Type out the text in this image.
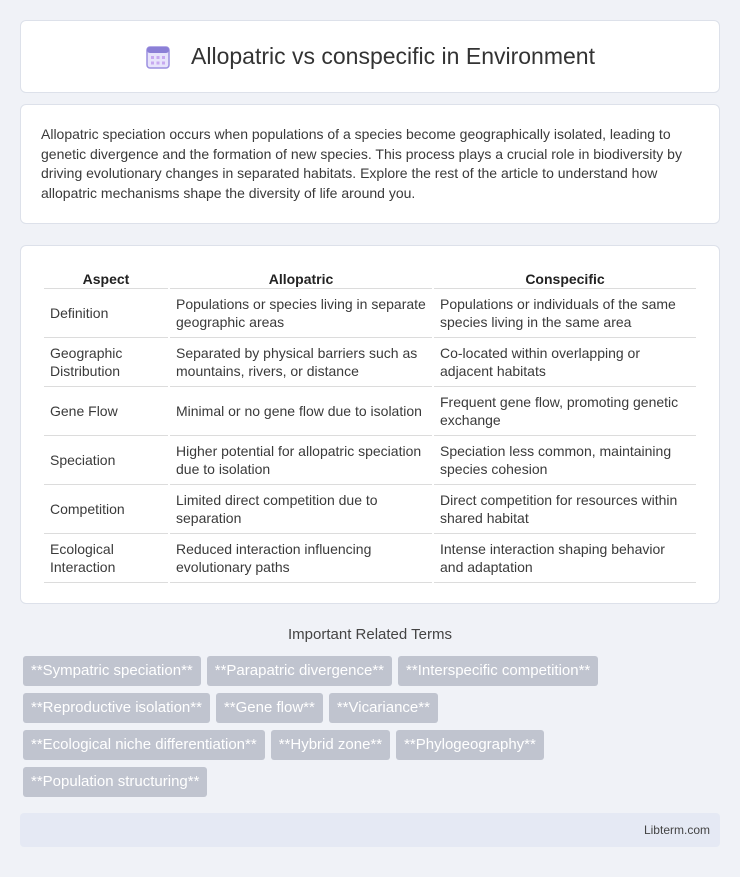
Allopatric vs conspecific in Environment

Allopatric speciation occurs when populations of a species become geographically isolated, leading to genetic divergence and the formation of new species. This process plays a crucial role in biodiversity by driving evolutionary changes in separated habitats. Explore the rest of the article to understand how allopatric mechanisms shape the diversity of life around you.

Aspect	Allopatric	Conspecific
Definition	Populations or species living in separate geographic areas	Populations or individuals of the same species living in the same area
Geographic Distribution	Separated by physical barriers such as mountains, rivers, or distance	Co-located within overlapping or adjacent habitats
Gene Flow	Minimal or no gene flow due to isolation	Frequent gene flow, promoting genetic exchange
Speciation	Higher potential for allopatric speciation due to isolation	Speciation less common, maintaining species cohesion
Competition	Limited direct competition due to separation	Direct competition for resources within shared habitat
Ecological Interaction	Reduced interaction influencing evolutionary paths	Intense interaction shaping behavior and adaptation
Important Related Terms
**Sympatric speciation**	**Parapatric divergence**	**Interspecific competition**
**Reproductive isolation**	**Gene flow**	**Vicariance**
**Ecological niche differentiation**	**Hybrid zone**	**Phylogeography**
**Population structuring**
Libterm.com
